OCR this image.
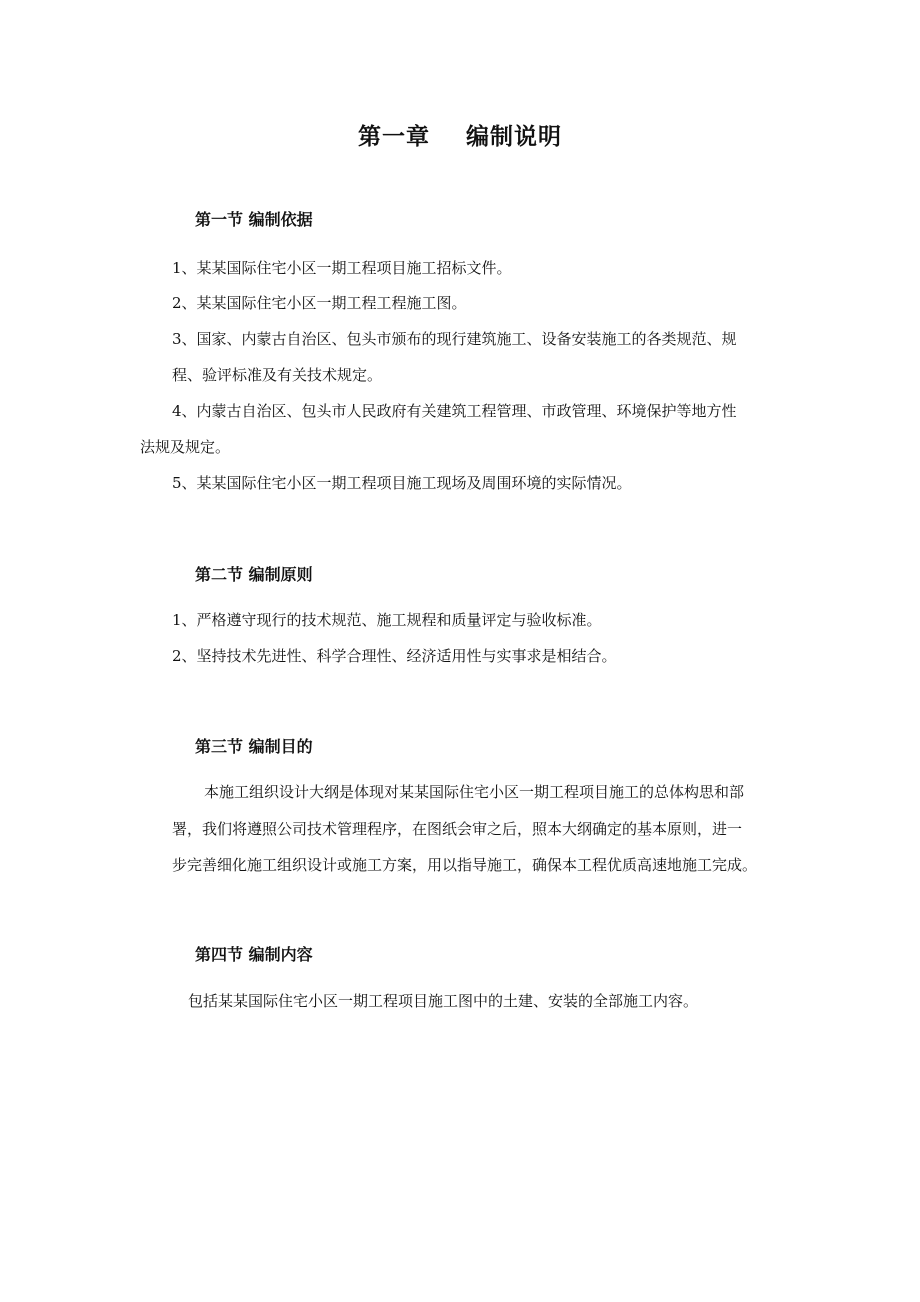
第一章    编制说明
第一节 编制依据
1、某某国际住宅小区一期工程项目施工招标文件。
2、某某国际住宅小区一期工程工程施工图。
3、国家、内蒙古自治区、包头市颁布的现行建筑施工、设备安装施工的各类规范、规
程、验评标准及有关技术规定。
4、内蒙古自治区、包头市人民政府有关建筑工程管理、市政管理、环境保护等地方性
法规及规定。
5、某某国际住宅小区一期工程项目施工现场及周围环境的实际情况。
第二节 编制原则
1、严格遵守现行的技术规范、施工规程和质量评定与验收标准。
2、坚持技术先进性、科学合理性、经济适用性与实事求是相结合。
第三节 编制目的
本施工组织设计大纲是体现对某某国际住宅小区一期工程项目施工的总体构思和部
署，我们将遵照公司技术管理程序，在图纸会审之后，照本大纲确定的基本原则，进一
步完善细化施工组织设计或施工方案，用以指导施工，确保本工程优质高速地施工完成。
第四节 编制内容
包括某某国际住宅小区一期工程项目施工图中的土建、安装的全部施工内容。
